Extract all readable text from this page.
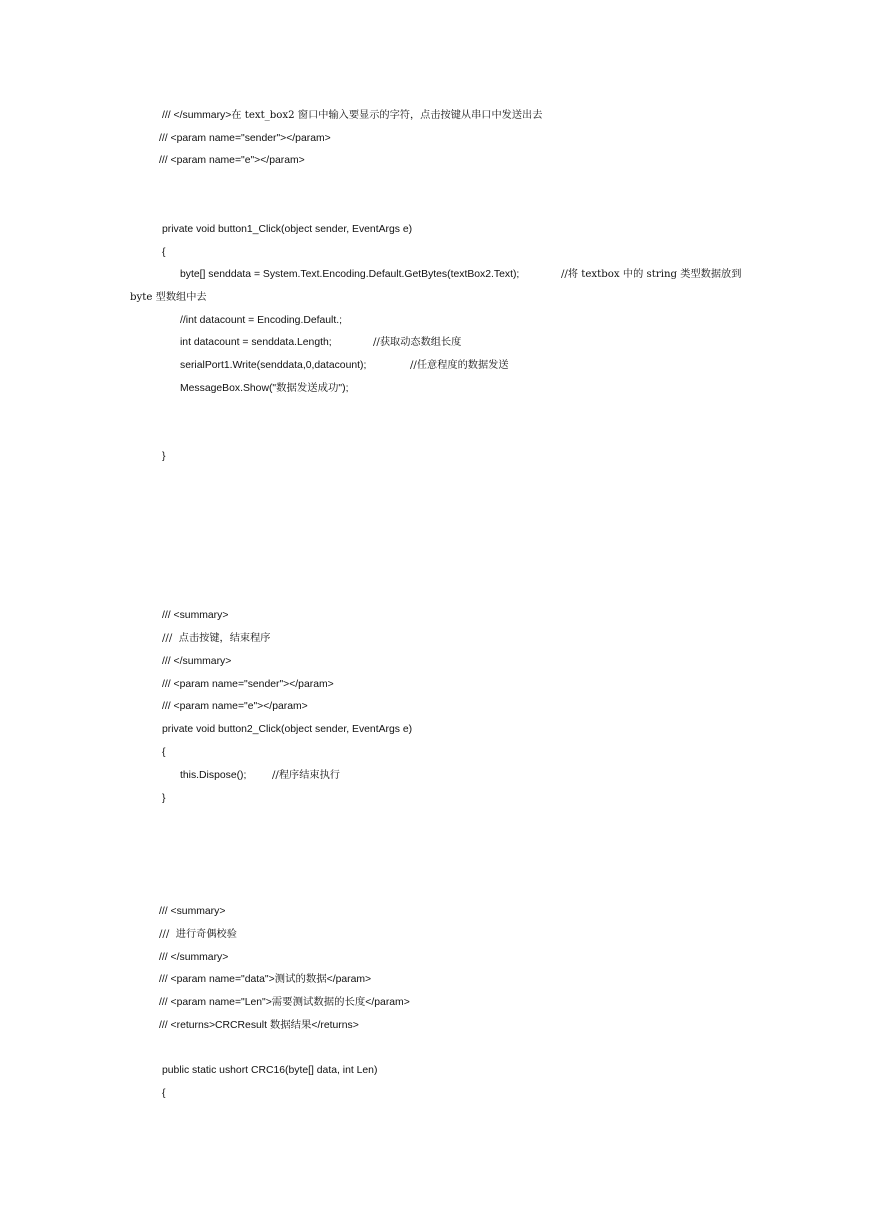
/// </summary>在 text_box2 窗口中输入要显示的字符，点击按键从串口中发送出去
/// <param name="sender"></param>
/// <param name="e"></param>
private void button1_Click(object sender, EventArgs e)
{
byte[] senddata = System.Text.Encoding.Default.GetBytes(textBox2.Text);	//将 textbox 中的 string 类型数据放到
byte 型数组中去
//int datacount = Encoding.Default.;
int datacount = senddata.Length;	//获取动态数组长度
serialPort1.Write(senddata,0,datacount);	//任意程度的数据发送
MessageBox.Show("数据发送成功");
}
/// <summary>
///  点击按键，结束程序
/// </summary>
/// <param name="sender"></param>
/// <param name="e"></param>
private void button2_Click(object sender, EventArgs e)
{
this.Dispose();	//程序结束执行
}
/// <summary>
///  进行奇偶校验
/// </summary>
/// <param name="data">测试的数据</param>
/// <param name="Len">需要测试数据的长度</param>
/// <returns>CRCResult 数据结果</returns>
public static ushort CRC16(byte[] data, int Len)
{
